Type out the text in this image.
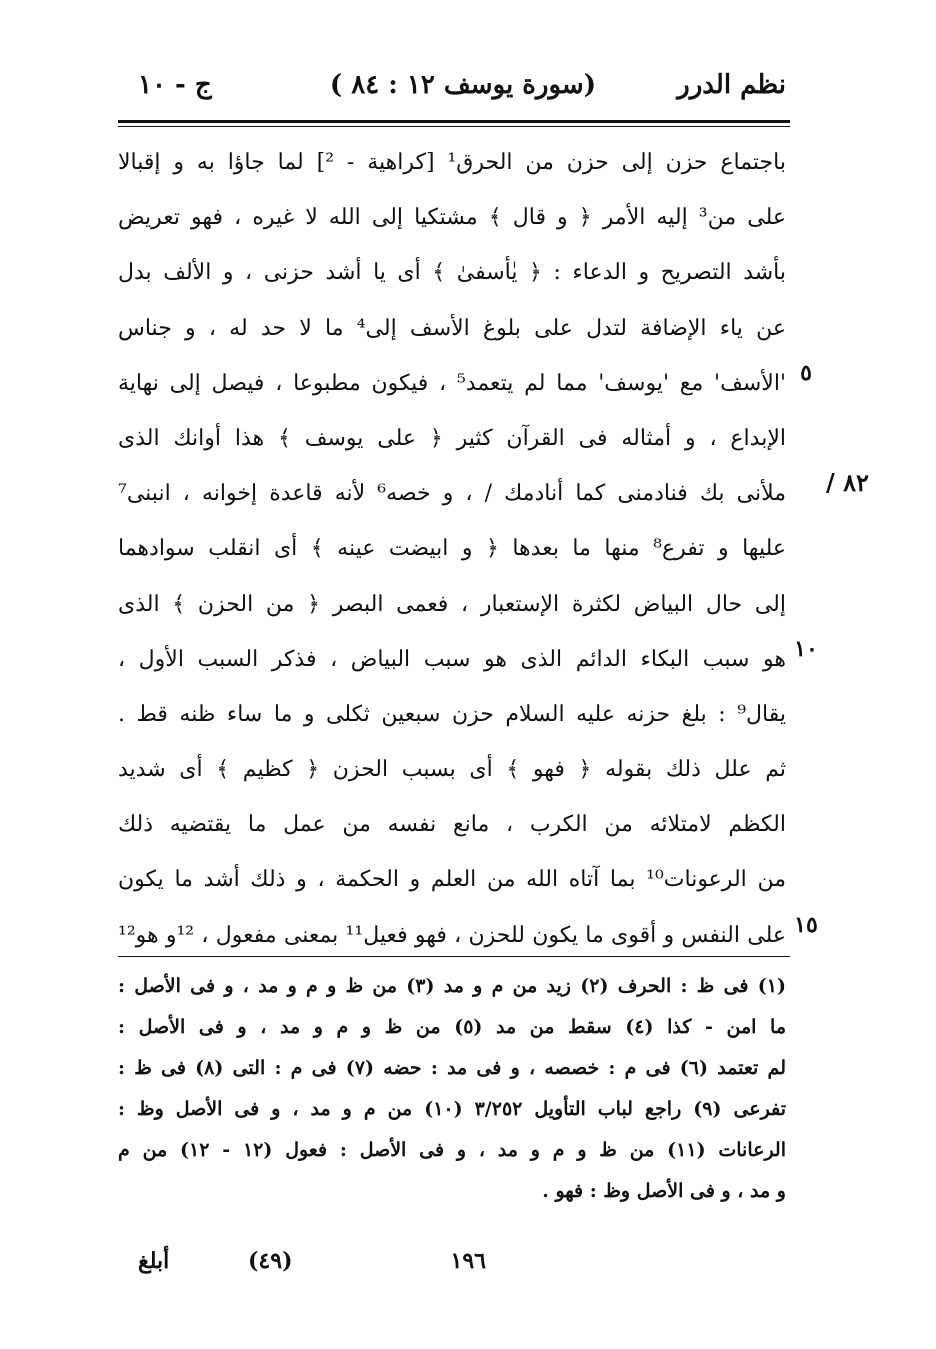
نظم الدرر
(سورة يوسف ١٢ : ٨٤ )
ج - ١٠
باجتماع حزن إلى حزن من الحرق¹ [كراهية - ²] لما جاؤا به و إقبالا
على من³ إليه الأمر ﴿ و قال ﴾ مشتكيا إلى الله لا غيره ، فهو تعريض
بأشد التصريح و الدعاء : ﴿ يٰأسفىٰ ﴾ أى يا أشد حزنى ، و الألف بدل
عن ياء الإضافة لتدل على بلوغ الأسف إلى⁴ ما لا حد له ، و جناس
'الأسف' مع 'يوسف' مما لم يتعمد⁵ ، فيكون مطبوعا ، فيصل إلى نهاية
الإبداع ، و أمثاله فى القرآن كثير ﴿ على يوسف ﴾ هذا أوانك الذى
ملأنى بك فنادمنى كما أنادمك / ، و خصه⁶ لأنه قاعدة إخوانه ، انبنى⁷
عليها و تفرع⁸ منها ما بعدها ﴿ و ابيضت عينه ﴾ أى انقلب سوادهما
إلى حال البياض لكثرة الإستعبار ، فعمى البصر ﴿ من الحزن ﴾ الذى
هو سبب البكاء الدائم الذى هو سبب البياض ، فذكر السبب الأول ،
يقال⁹ : بلغ حزنه عليه السلام حزن سبعين ثكلى و ما ساء ظنه قط .
ثم علل ذلك بقوله ﴿ فهو ﴾ أى بسبب الحزن ﴿ كظيم ﴾ أى شديد
الكظم لامتلائه من الكرب ، مانع نفسه من عمل ما يقتضيه ذلك
من الرعونات¹⁰ بما آتاه الله من العلم و الحكمة ، و ذلك أشد ما يكون
على النفس و أقوى ما يكون للحزن ، فهو فعيل¹¹ بمعنى مفعول ، ¹²و هو¹²
٥
١٠
١٥
٨٢ /
(١) فى ظ : الحرف (٢) زيد من م و مد (٣) من ظ و م و مد ، و فى الأصل :
ما امن - كذا (٤) سقط من مد (٥) من ظ و م و مد ، و فى الأصل :
لم تعتمد (٦) فى م : خصصه ، و فى مد : حضه (٧) فى م : التى (٨) فى ظ :
تفرعى (٩) راجع لباب التأويل ٣/٢٥٢ (١٠) من م و مد ، و فى الأصل وظ :
الرعانات (١١) من ظ و م و مد ، و فى الأصل : فعول (١٢ - ١٢) من م
و مد ، و فى الأصل وظ : فهو .
١٩٦
(٤٩)
أبلغ
